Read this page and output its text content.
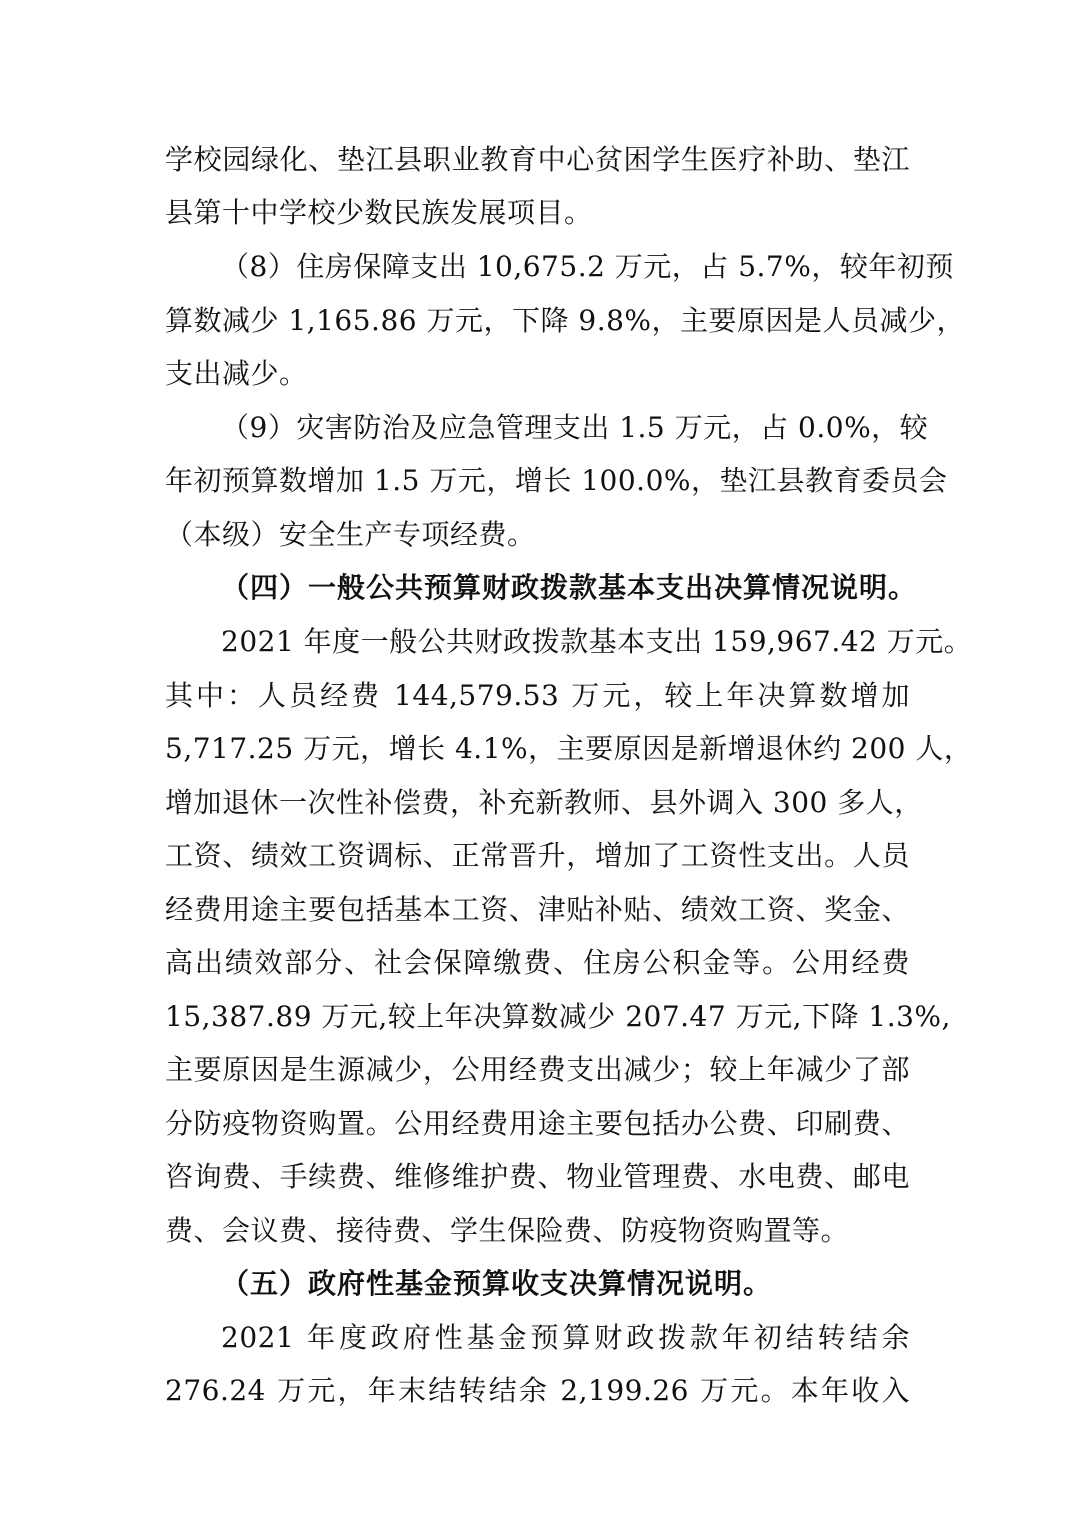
学校园绿化、垫江县职业教育中心贫困学生医疗补助、垫江
县第十中学校少数民族发展项目。
（8）住房保障支出 10,675.2 万元，占 5.7%，较年初预
算数减少 1,165.86 万元，下降 9.8%，主要原因是人员减少，
支出减少。
（9）灾害防治及应急管理支出 1.5 万元，占 0.0%，较
年初预算数增加 1.5 万元，增长 100.0%，垫江县教育委员会
（本级）安全生产专项经费。
（四）一般公共预算财政拨款基本支出决算情况说明。
2021 年度一般公共财政拨款基本支出 159,967.42 万元。
其中：人员经费 144,579.53 万元，较上年决算数增加
5,717.25 万元，增长 4.1%，主要原因是新增退休约 200 人，
增加退休一次性补偿费，补充新教师、县外调入 300 多人，
工资、绩效工资调标、正常晋升，增加了工资性支出。人员
经费用途主要包括基本工资、津贴补贴、绩效工资、奖金、
高出绩效部分、社会保障缴费、住房公积金等。公用经费
15,387.89 万元,较上年决算数减少 207.47 万元,下降 1.3%,
主要原因是生源减少，公用经费支出减少；较上年减少了部
分防疫物资购置。公用经费用途主要包括办公费、印刷费、
咨询费、手续费、维修维护费、物业管理费、水电费、邮电
费、会议费、接待费、学生保险费、防疫物资购置等。
（五）政府性基金预算收支决算情况说明。
2021 年度政府性基金预算财政拨款年初结转结余
276.24 万元，年末结转结余 2,199.26 万元。本年收入
